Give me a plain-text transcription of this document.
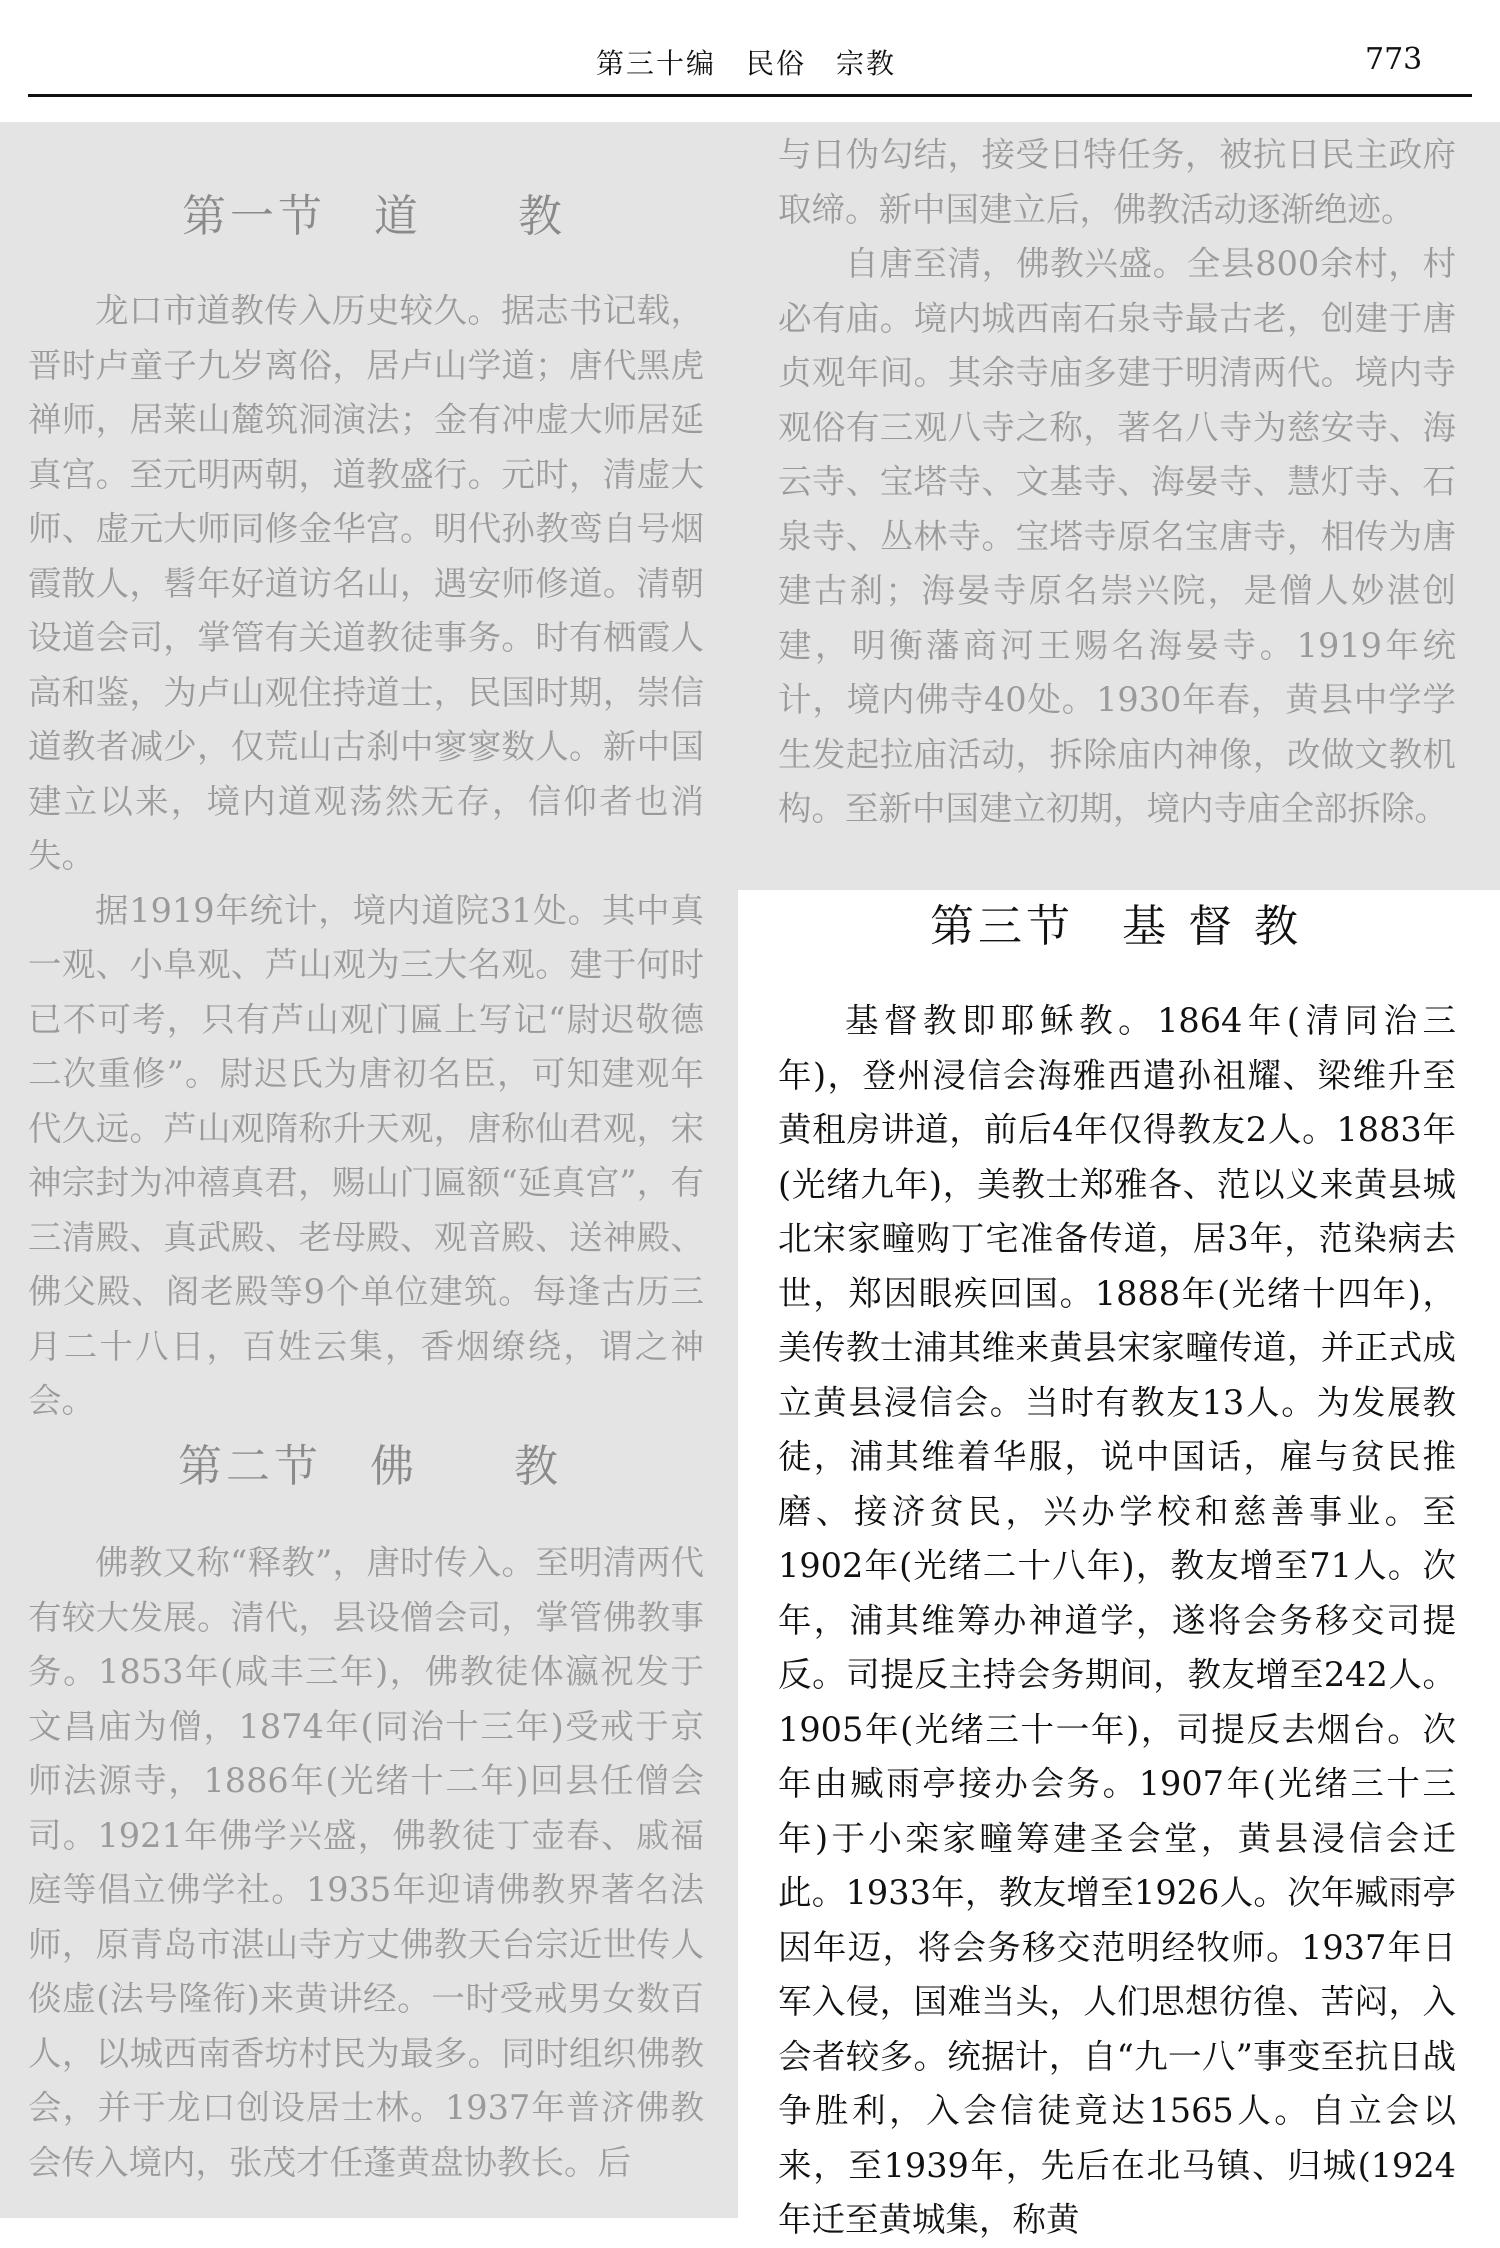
第三十编　民俗　宗教	773
第一节　道　　教

龙口市道教传入历史较久。据志书记载，晋时卢童子九岁离俗，居卢山学道；唐代黑虎禅师，居莱山麓筑洞演法；金有冲虚大师居延真宫。至元明两朝，道教盛行。元时，清虚大师、虚元大师同修金华宫。明代孙教鸾自号烟霞散人，髫年好道访名山，遇安师修道。清朝设道会司，掌管有关道教徒事务。时有栖霞人高和鉴，为卢山观住持道士，民国时期，崇信道教者减少，仅荒山古刹中寥寥数人。新中国建立以来，境内道观荡然无存，信仰者也消失。

据1919年统计，境内道院31处。其中真一观、小阜观、芦山观为三大名观。建于何时已不可考，只有芦山观门匾上写记“尉迟敬德二次重修”。尉迟氏为唐初名臣，可知建观年代久远。芦山观隋称升天观，唐称仙君观，宋神宗封为冲禧真君，赐山门匾额“延真宫”，有三清殿、真武殿、老母殿、观音殿、送神殿、佛父殿、阁老殿等9个单位建筑。每逢古历三月二十八日，百姓云集，香烟缭绕，谓之神会。

第二节　佛　　教

佛教又称“释教”，唐时传入。至明清两代有较大发展。清代，县设僧会司，掌管佛教事务。1853年(咸丰三年)，佛教徒体瀛祝发于文昌庙为僧，1874年(同治十三年)受戒于京师法源寺，1886年(光绪十二年)回县任僧会司。1921年佛学兴盛，佛教徒丁壶春、戚福庭等倡立佛学社。1935年迎请佛教界著名法师，原青岛市湛山寺方丈佛教天台宗近世传人倓虚(法号隆衔)来黄讲经。一时受戒男女数百人，以城西南香坊村民为最多。同时组织佛教会，并于龙口创设居士林。1937年普济佛教会传入境内，张茂才任蓬黄盘协教长。后

与日伪勾结，接受日特任务，被抗日民主政府取缔。新中国建立后，佛教活动逐渐绝迹。

自唐至清，佛教兴盛。全县800余村，村必有庙。境内城西南石泉寺最古老，创建于唐贞观年间。其余寺庙多建于明清两代。境内寺观俗有三观八寺之称，著名八寺为慈安寺、海云寺、宝塔寺、文基寺、海晏寺、慧灯寺、石泉寺、丛林寺。宝塔寺原名宝唐寺，相传为唐建古刹；海晏寺原名崇兴院，是僧人妙湛创建，明衡藩商河王赐名海晏寺。1919年统计，境内佛寺40处。1930年春，黄县中学学生发起拉庙活动，拆除庙内神像，改做文教机构。至新中国建立初期，境内寺庙全部拆除。

第三节　基 督 教

基督教即耶稣教。1864年(清同治三年)，登州浸信会海雅西遣孙祖耀、梁维升至黄租房讲道，前后4年仅得教友2人。1883年(光绪九年)，美教士郑雅各、范以义来黄县城北宋家疃购丁宅准备传道，居3年，范染病去世，郑因眼疾回国。1888年(光绪十四年)，美传教士浦其维来黄县宋家疃传道，并正式成立黄县浸信会。当时有教友13人。为发展教徒，浦其维着华服，说中国话，雇与贫民推磨、接济贫民，兴办学校和慈善事业。至1902年(光绪二十八年)，教友增至71人。次年，浦其维筹办神道学，遂将会务移交司提反。司提反主持会务期间，教友增至242人。1905年(光绪三十一年)，司提反去烟台。次年由臧雨亭接办会务。1907年(光绪三十三年)于小栾家疃筹建圣会堂，黄县浸信会迁此。1933年，教友增至1926人。次年臧雨亭因年迈，将会务移交范明经牧师。1937年日军入侵，国难当头，人们思想彷徨、苦闷，入会者较多。统据计，自“九一八”事变至抗日战争胜利，入会信徒竟达1565人。自立会以来，至1939年，先后在北马镇、归城(1924年迁至黄城集，称黄
